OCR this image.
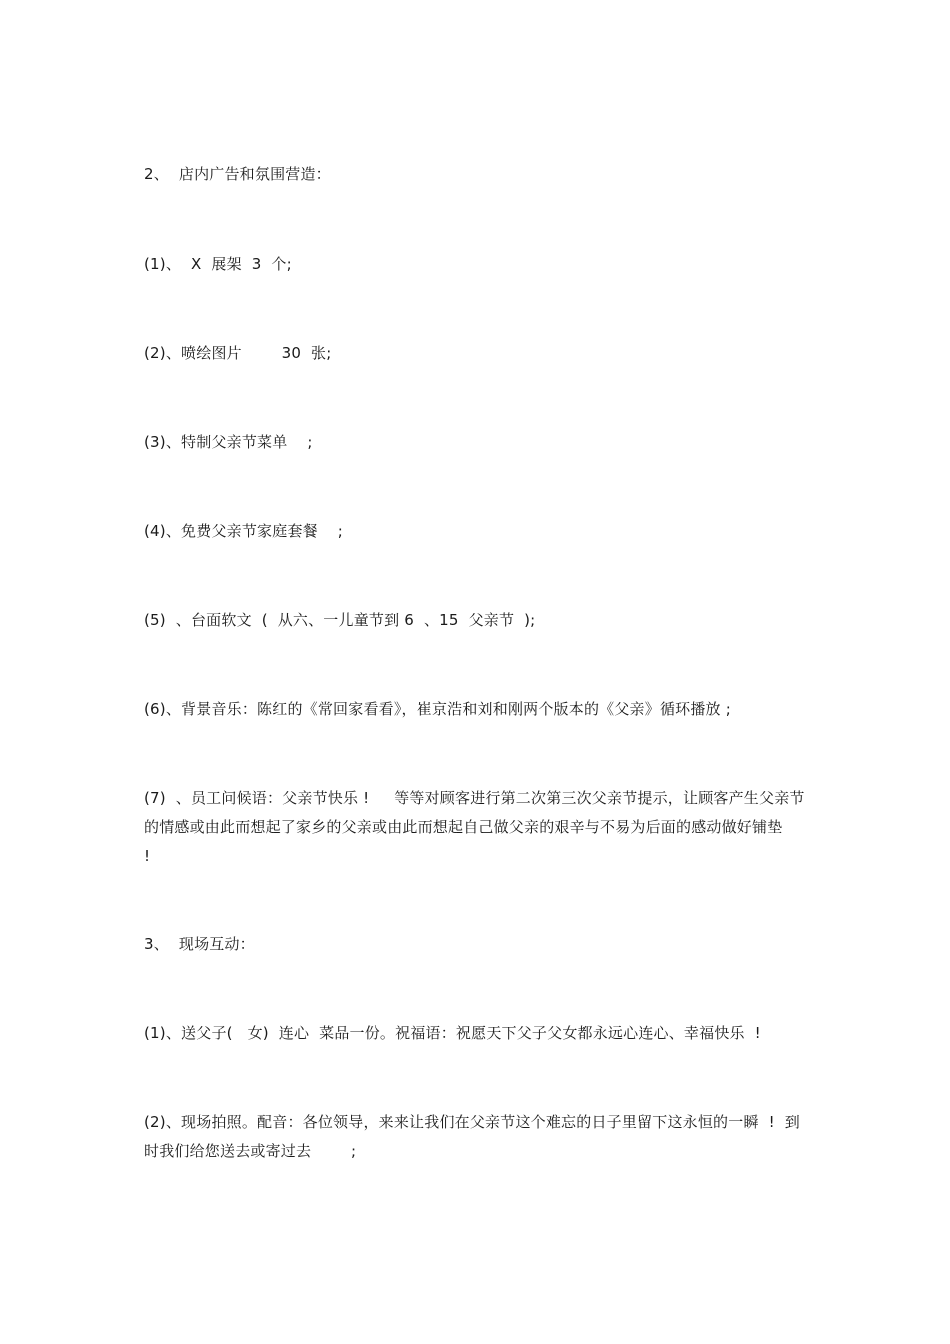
2、  店内广告和氛围营造：
(1)、  X  展架  3  个;
(2)、喷绘图片        30  张;
(3)、特制父亲节菜单    ;
(4)、免费父亲节家庭套餐    ;
(5)  、台面软文  (  从六、一儿童节到 6  、15  父亲节  );
(6)、背景音乐：陈红的《常回家看看》，崔京浩和刘和刚两个版本的《父亲》循环播放 ;
(7)  、员工问候语：父亲节快乐 !     等等对顾客进行第二次第三次父亲节提示，让顾客产生父亲节的情感或由此而想起了家乡的父亲或由此而想起自己做父亲的艰辛与不易为后面的感动做好铺垫        !
3、  现场互动：
(1)、送父子(   女)  连心  菜品一份。祝福语：祝愿天下父子父女都永远心连心、幸福快乐  !
(2)、现场拍照。配音：各位领导，来来让我们在父亲节这个难忘的日子里留下这永恒的一瞬  !  到时我们给您送去或寄过去        ;
